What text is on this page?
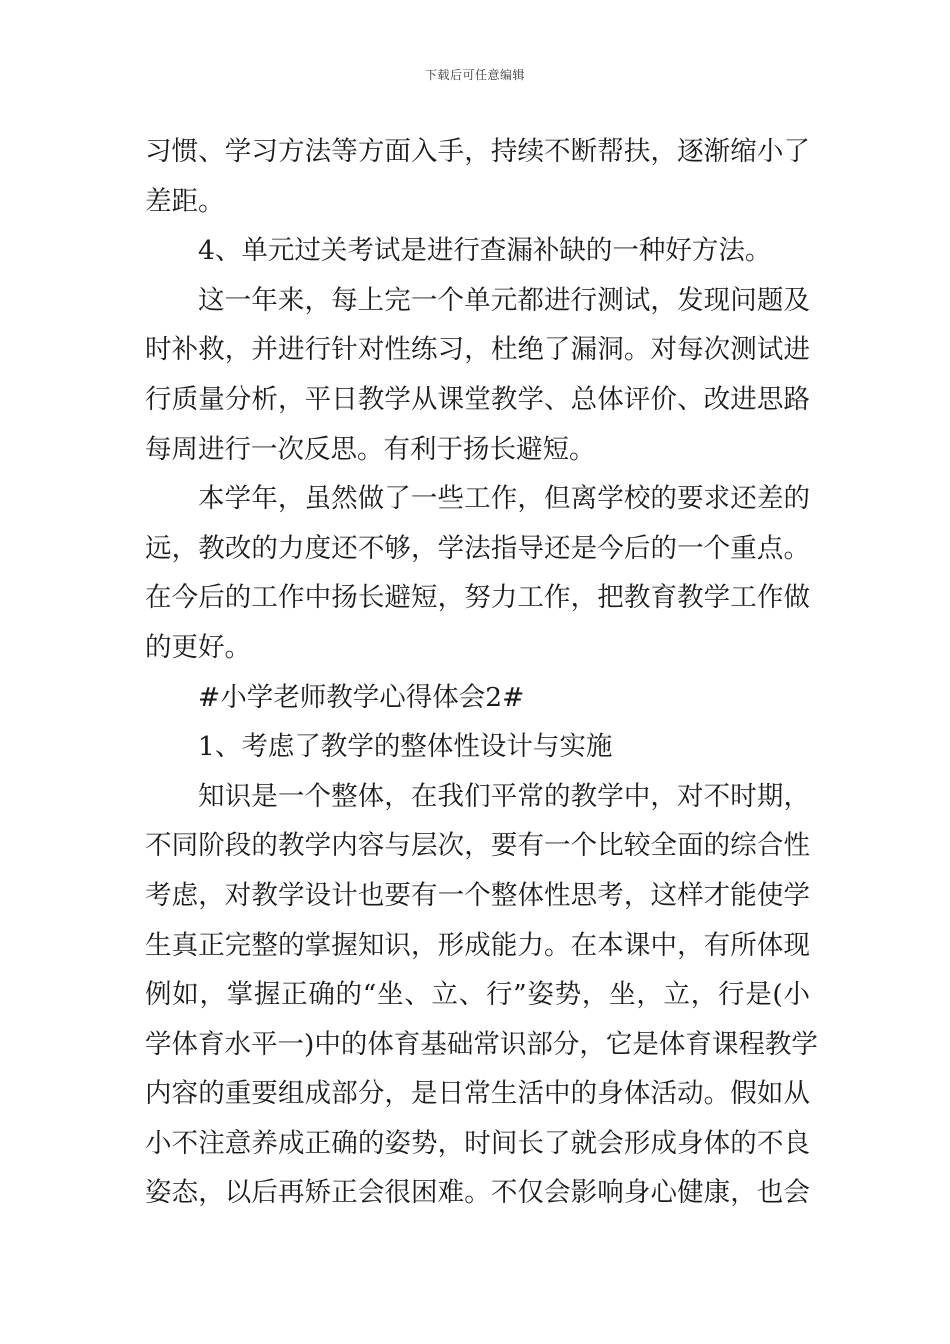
下载后可任意编辑
习惯、学习方法等方面入手，持续不断帮扶，逐渐缩小了
差距。
4、单元过关考试是进行查漏补缺的一种好方法。
这一年来，每上完一个单元都进行测试，发现问题及
时补救，并进行针对性练习，杜绝了漏洞。对每次测试进
行质量分析，平日教学从课堂教学、总体评价、改进思路
每周进行一次反思。有利于扬长避短。
本学年，虽然做了一些工作，但离学校的要求还差的
远，教改的力度还不够，学法指导还是今后的一个重点。
在今后的工作中扬长避短，努力工作，把教育教学工作做
的更好。
#小学老师教学心得体会2#
1、考虑了教学的整体性设计与实施
知识是一个整体，在我们平常的教学中，对不时期，
不同阶段的教学内容与层次，要有一个比较全面的综合性
考虑，对教学设计也要有一个整体性思考，这样才能使学
生真正完整的掌握知识，形成能力。在本课中，有所体现
例如，掌握正确的“坐、立、行”姿势，坐，立，行是(小
学体育水平一)中的体育基础常识部分，它是体育课程教学
内容的重要组成部分，是日常生活中的身体活动。假如从
小不注意养成正确的姿势，时间长了就会形成身体的不良
姿态，以后再矫正会很困难。不仅会影响身心健康，也会
